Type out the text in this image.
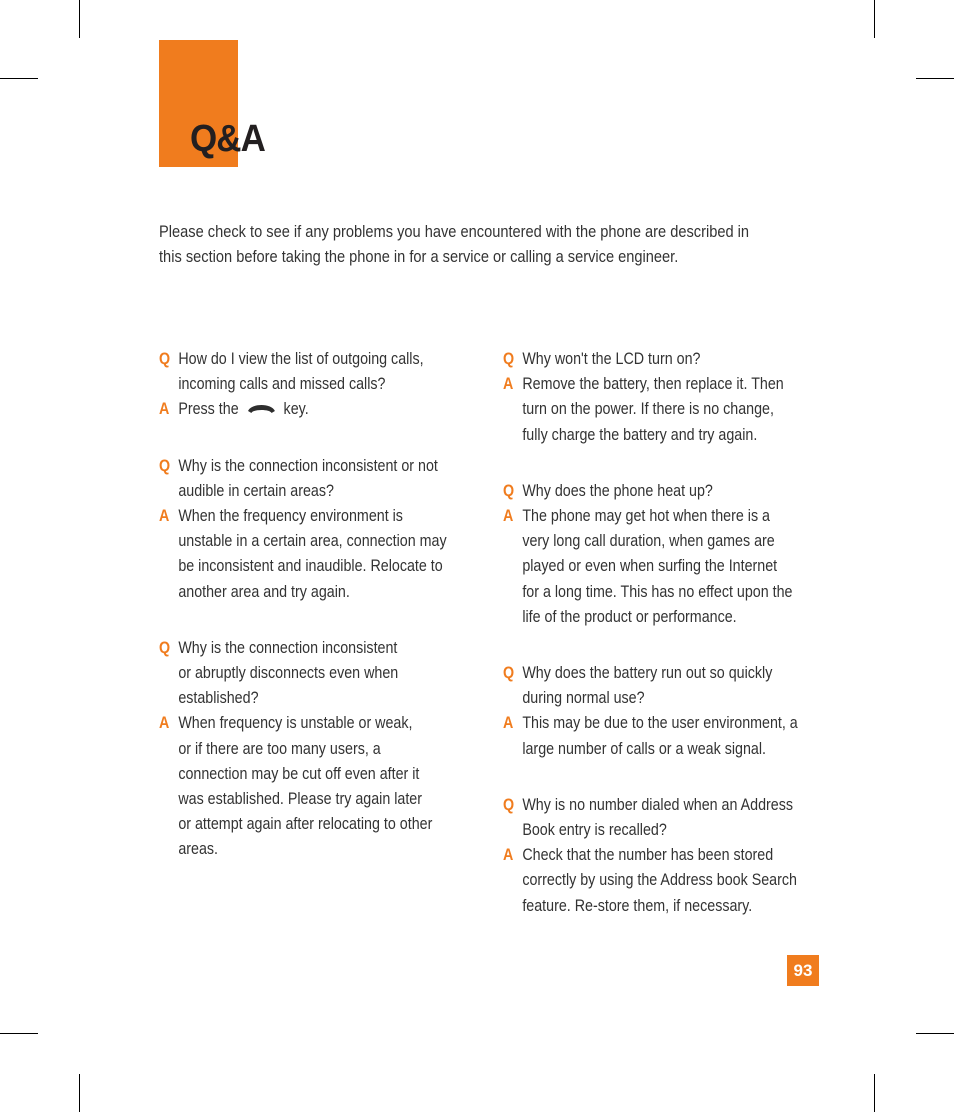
Q&A
Please check to see if any problems you have encountered with the phone are described in this section before taking the phone in for a service or calling a service engineer.
Q How do I view the list of outgoing calls,
incoming calls and missed calls?
A Press the	key.
Q Why is the connection inconsistent or not
audible in certain areas?
A When the frequency environment is
unstable in a certain area, connection may
be inconsistent and inaudible. Relocate to
another area and try again.
Q Why is the connection inconsistent
or abruptly disconnects even when
established?
A When frequency is unstable or weak,
or if there are too many users, a
connection may be cut off even after it
was established. Please try again later
or attempt again after relocating to other
areas.
Q Why won't the LCD turn on?
A Remove the battery, then replace it. Then
turn on the power. If there is no change,
fully charge the battery and try again.
Q Why does the phone heat up?
A The phone may get hot when there is a
very long call duration, when games are
played or even when surfing the Internet
for a long time. This has no effect upon the
life of the product or performance.
Q Why does the battery run out so quickly
during normal use?
A This may be due to the user environment, a
large number of calls or a weak signal.
Q Why is no number dialed when an Address
Book entry is recalled?
A Check that the number has been stored
correctly by using the Address book Search
feature. Re-store them, if necessary.
93
